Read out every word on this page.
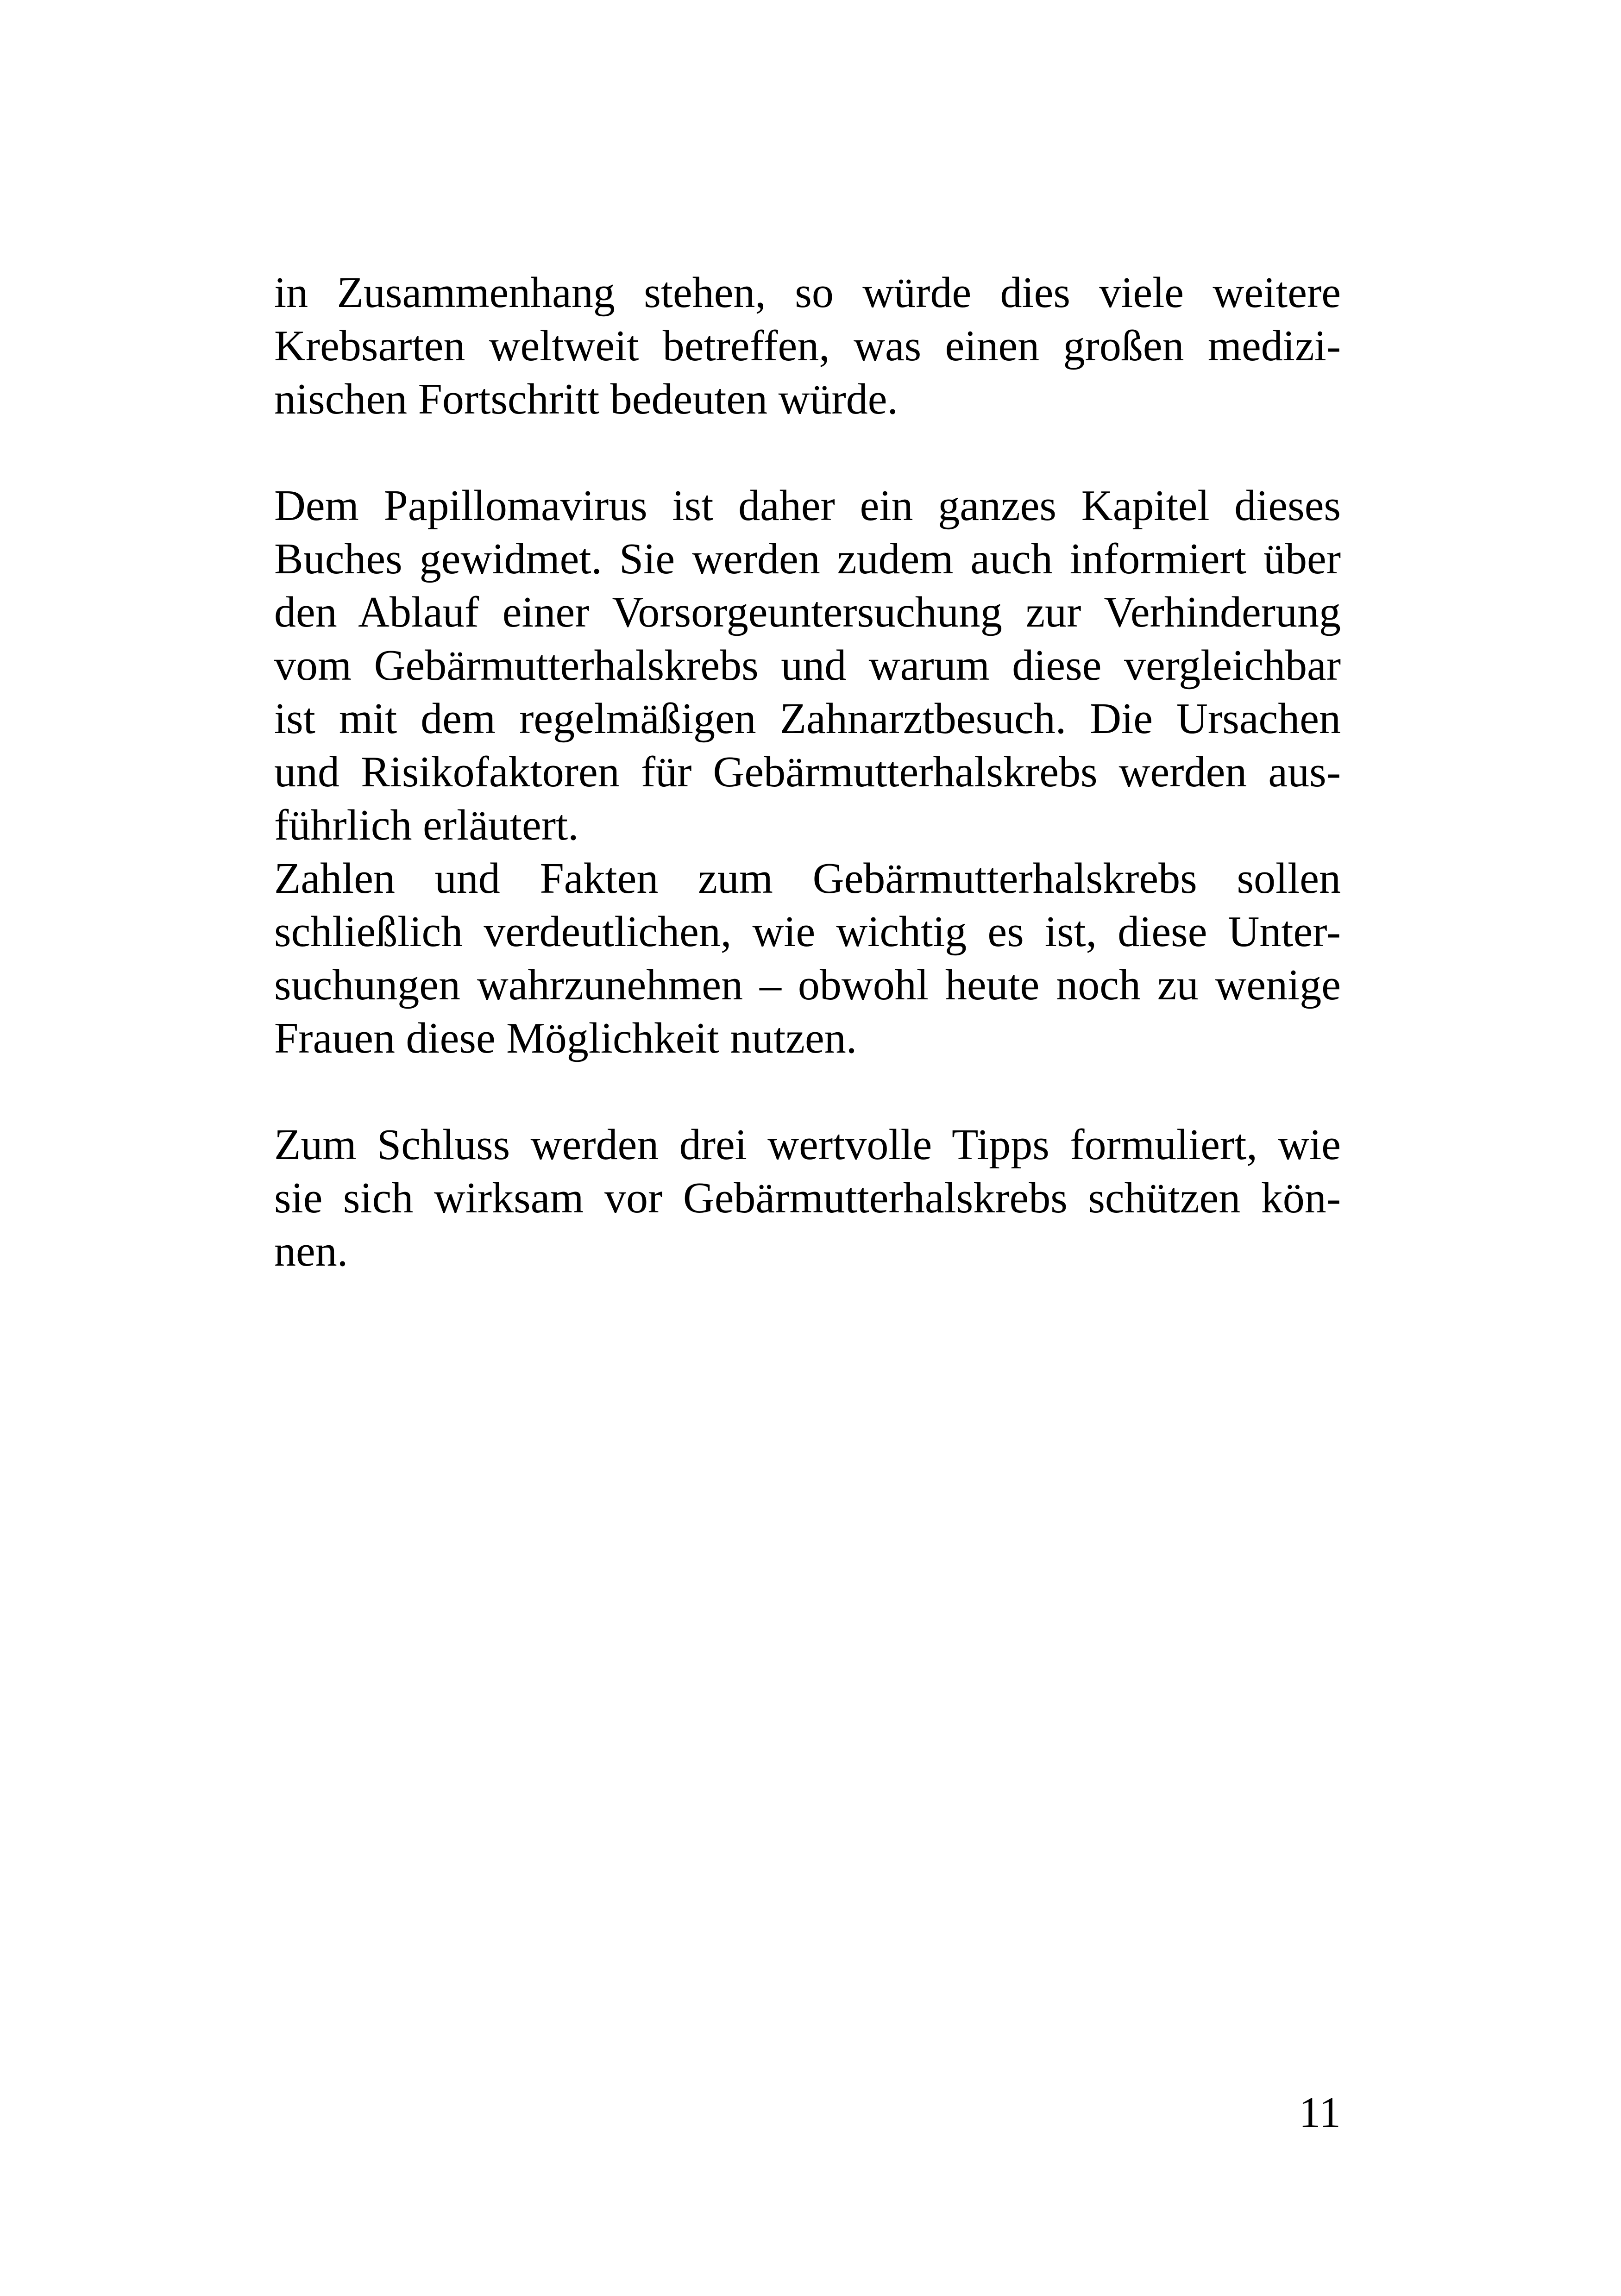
in Zusammenhang stehen, so würde dies viele weitere
Krebsarten weltweit betreffen, was einen großen medizi-
nischen Fortschritt bedeuten würde.
Dem Papillomavirus ist daher ein ganzes Kapitel dieses
Buches gewidmet. Sie werden zudem auch informiert über
den Ablauf einer Vorsorgeuntersuchung zur Verhinderung
vom Gebärmutterhalskrebs und warum diese vergleichbar
ist mit dem regelmäßigen Zahnarztbesuch. Die Ursachen
und Risikofaktoren für Gebärmutterhalskrebs werden aus-
führlich erläutert.
Zahlen und Fakten zum Gebärmutterhalskrebs sollen
schließlich verdeutlichen, wie wichtig es ist, diese Unter-
suchungen wahrzunehmen – obwohl heute noch zu wenige
Frauen diese Möglichkeit nutzen.
Zum Schluss werden drei wertvolle Tipps formuliert, wie
sie sich wirksam vor Gebärmutterhalskrebs schützen kön-
nen.
11
